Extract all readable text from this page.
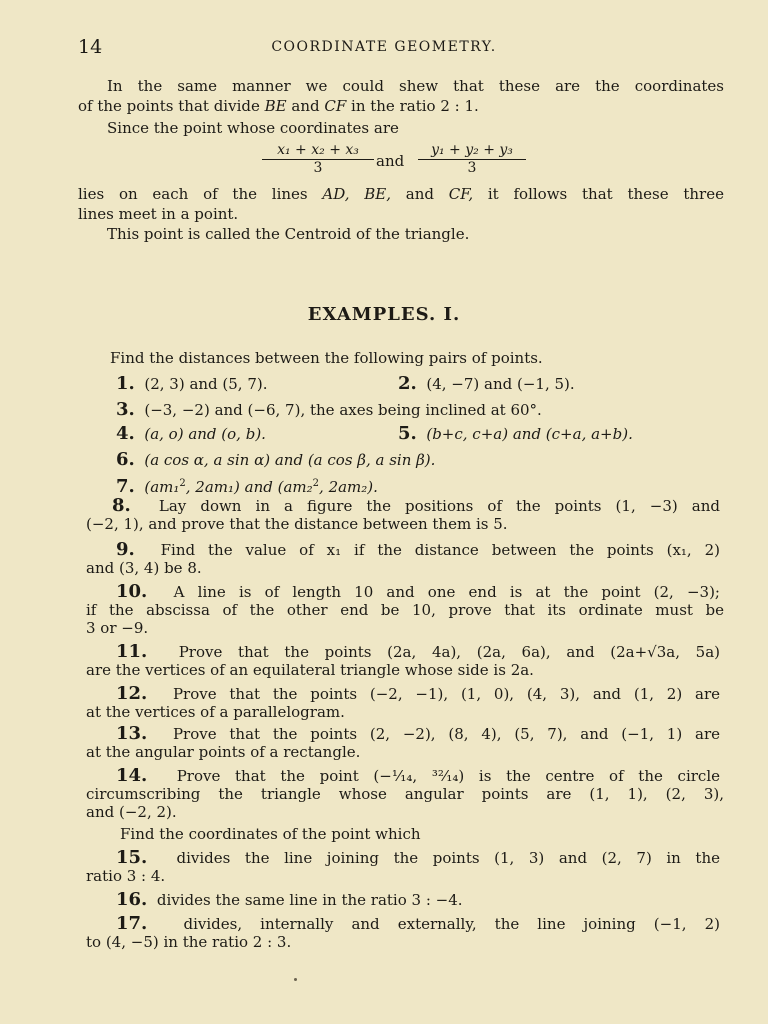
14	COORDINATE GEOMETRY.
In the same manner we could shew that these are the coordinates
of the points that divide BE and CF in the ratio 2 : 1.
Since the point whose coordinates are
$\frac{\text{x₁ + x₂ + x₃}}{3}$ and $\frac{\text{y₁ + y₂ + y₃}}{3}$
lies on each of the lines AD, BE, and CF, it follows that these three
lines meet in a point.
This point is called the Centroid of the triangle.
EXAMPLES. I.
Find the distances between the following pairs of points.
1. (2, 3) and (5, 7).	2. (4, −7) and (−1, 5).
3. (−3, −2) and (−6, 7), the axes being inclined at 60°.
4. (a, o) and (o, b).	5. (b+c, c+a) and (c+a, a+b).
6. (a cos α, a sin α) and (a cos β, a sin β).
7. (am₁$^2$, 2am₁) and (am₂$^2$, 2am₂).
8. Lay down in a figure the positions of the points (1, −3) and
(−2, 1), and prove that the distance between them is 5.
9. Find the value of x₁ if the distance between the points (x₁, 2)
and (3, 4) be 8.
10. A line is of length 10 and one end is at the point (2, −3);
if the abscissa of the other end be 10, prove that its ordinate must be
3 or −9.
11. Prove that the points (2a, 4a), (2a, 6a), and (2a+√3a, 5a)
are the vertices of an equilateral triangle whose side is 2a.
12. Prove that the points (−2, −1), (1, 0), (4, 3), and (1, 2) are
at the vertices of a parallelogram.
13. Prove that the points (2, −2), (8, 4), (5, 7), and (−1, 1) are
at the angular points of a rectangle.
14. Prove that the point (−¹⁄₁₄, ³²⁄₁₄) is the centre of the circle
circumscribing the triangle whose angular points are (1, 1), (2, 3),
and (−2, 2).
Find the coordinates of the point which
15. divides the line joining the points (1, 3) and (2, 7) in the
ratio 3 : 4.
16. divides the same line in the ratio 3 : −4.
17. divides, internally and externally, the line joining (−1, 2)
to (4, −5) in the ratio 2 : 3.
